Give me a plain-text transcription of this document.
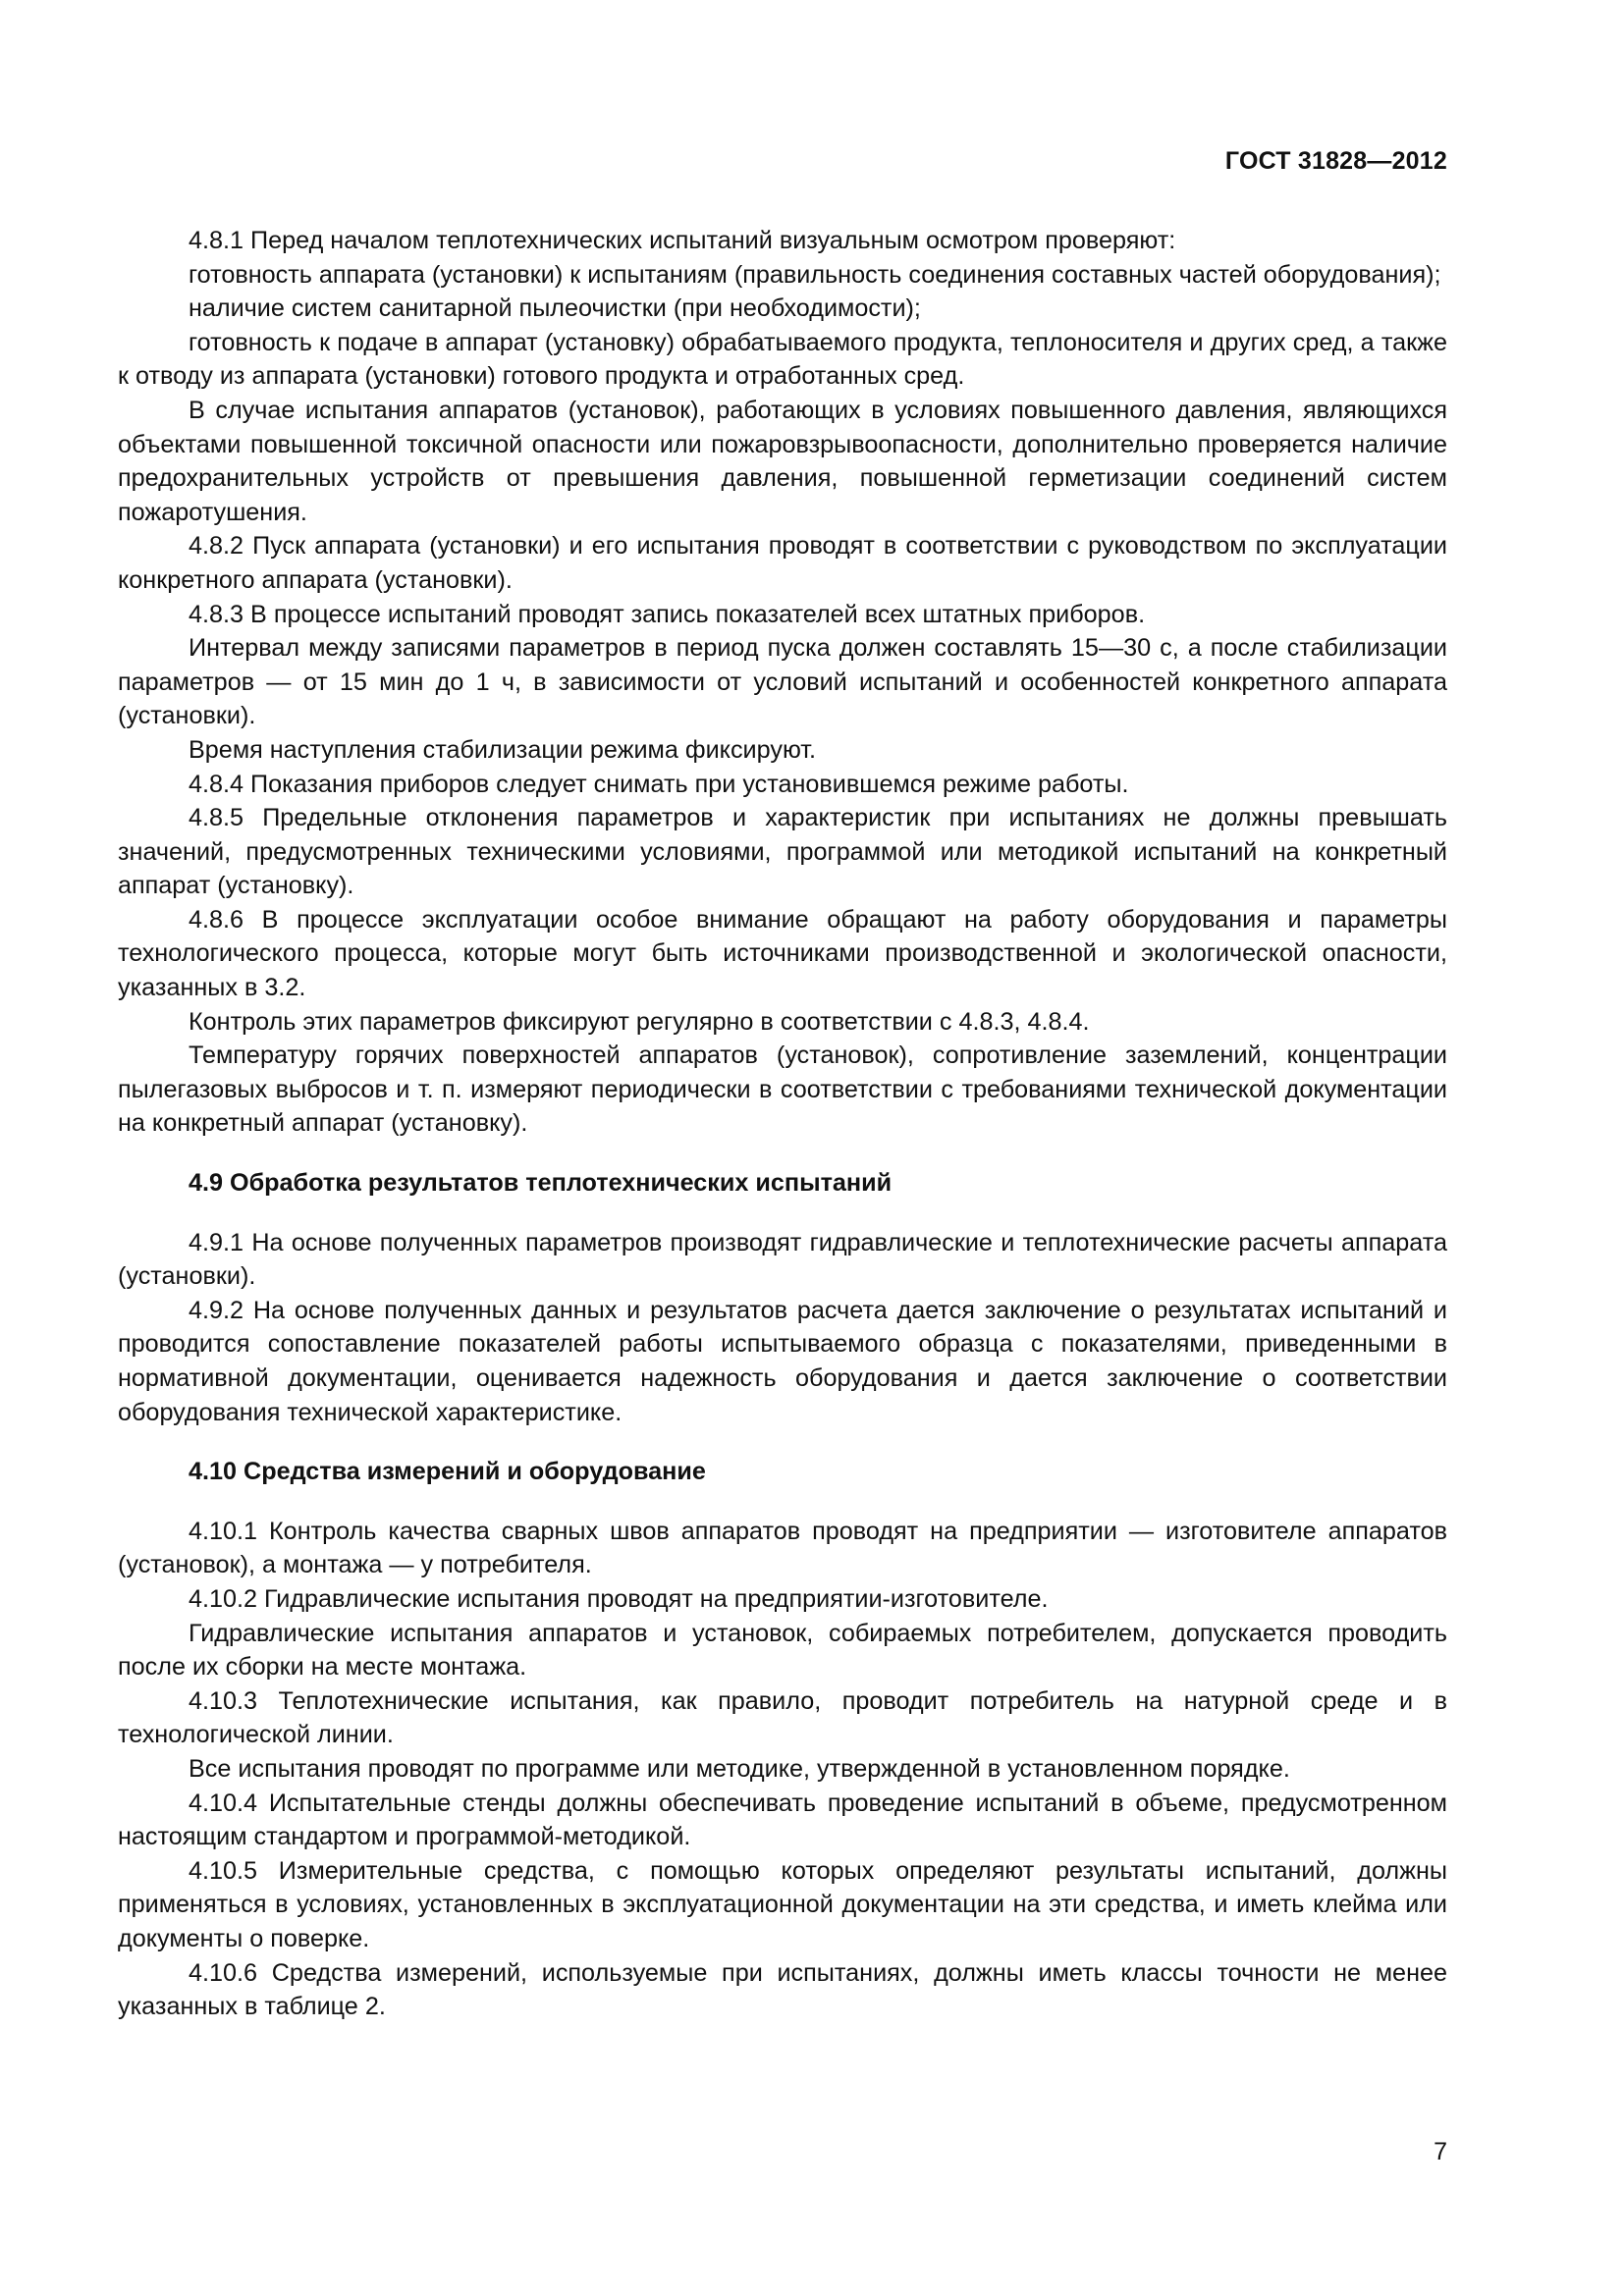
ГОСТ 31828—2012

4.8.1 Перед началом теплотехнических испытаний визуальным осмотром проверяют:

готовность аппарата (установки) к испытаниям (правильность соединения составных частей оборудования);

наличие систем санитарной пылеочистки (при необходимости);

готовность к подаче в аппарат (установку) обрабатываемого продукта, теплоносителя и других сред, а также к отводу из аппарата (установки) готового продукта и отработанных сред.

В случае испытания аппаратов (установок), работающих в условиях повышенного давления, являющихся объектами повышенной токсичной опасности или пожаровзрывоопасности, дополнительно проверяется наличие предохранительных устройств от превышения давления, повышенной герметизации соединений систем пожаротушения.

4.8.2 Пуск аппарата (установки) и его испытания проводят в соответствии с руководством по эксплуатации конкретного аппарата (установки).

4.8.3 В процессе испытаний проводят запись показателей всех штатных приборов.

Интервал между записями параметров в период пуска должен составлять 15—30 с, а после стабилизации параметров — от 15 мин до 1 ч, в зависимости от условий испытаний и особенностей конкретного аппарата (установки).

Время наступления стабилизации режима фиксируют.

4.8.4 Показания приборов следует снимать при установившемся режиме работы.

4.8.5 Предельные отклонения параметров и характеристик при испытаниях не должны превышать значений, предусмотренных техническими условиями, программой или методикой испытаний на конкретный аппарат (установку).

4.8.6 В процессе эксплуатации особое внимание обращают на работу оборудования и параметры технологического процесса, которые могут быть источниками производственной и экологической опасности, указанных в 3.2.

Контроль этих параметров фиксируют регулярно в соответствии с 4.8.3, 4.8.4.

Температуру горячих поверхностей аппаратов (установок), сопротивление заземлений, концентрации пылегазовых выбросов и т. п. измеряют периодически в соответствии с требованиями технической документации на конкретный аппарат (установку).

4.9 Обработка результатов теплотехнических испытаний

4.9.1 На основе полученных параметров производят гидравлические и теплотехнические расчеты аппарата (установки).

4.9.2 На основе полученных данных и результатов расчета дается заключение о результатах испытаний и проводится сопоставление показателей работы испытываемого образца с показателями, приведенными в нормативной документации, оценивается надежность оборудования и дается заключение о соответствии оборудования технической характеристике.

4.10 Средства измерений и оборудование

4.10.1 Контроль качества сварных швов аппаратов проводят на предприятии — изготовителе аппаратов (установок), а монтажа — у потребителя.

4.10.2 Гидравлические испытания проводят на предприятии-изготовителе.

Гидравлические испытания аппаратов и установок, собираемых потребителем, допускается проводить после их сборки на месте монтажа.

4.10.3 Теплотехнические испытания, как правило, проводит потребитель на натурной среде и в технологической линии.

Все испытания проводят по программе или методике, утвержденной в установленном порядке.

4.10.4 Испытательные стенды должны обеспечивать проведение испытаний в объеме, предусмотренном настоящим стандартом и программой-методикой.

4.10.5 Измерительные средства, с помощью которых определяют результаты испытаний, должны применяться в условиях, установленных в эксплуатационной документации на эти средства, и иметь клейма или документы о поверке.

4.10.6 Средства измерений, используемые при испытаниях, должны иметь классы точности не менее указанных в таблице 2.

7
